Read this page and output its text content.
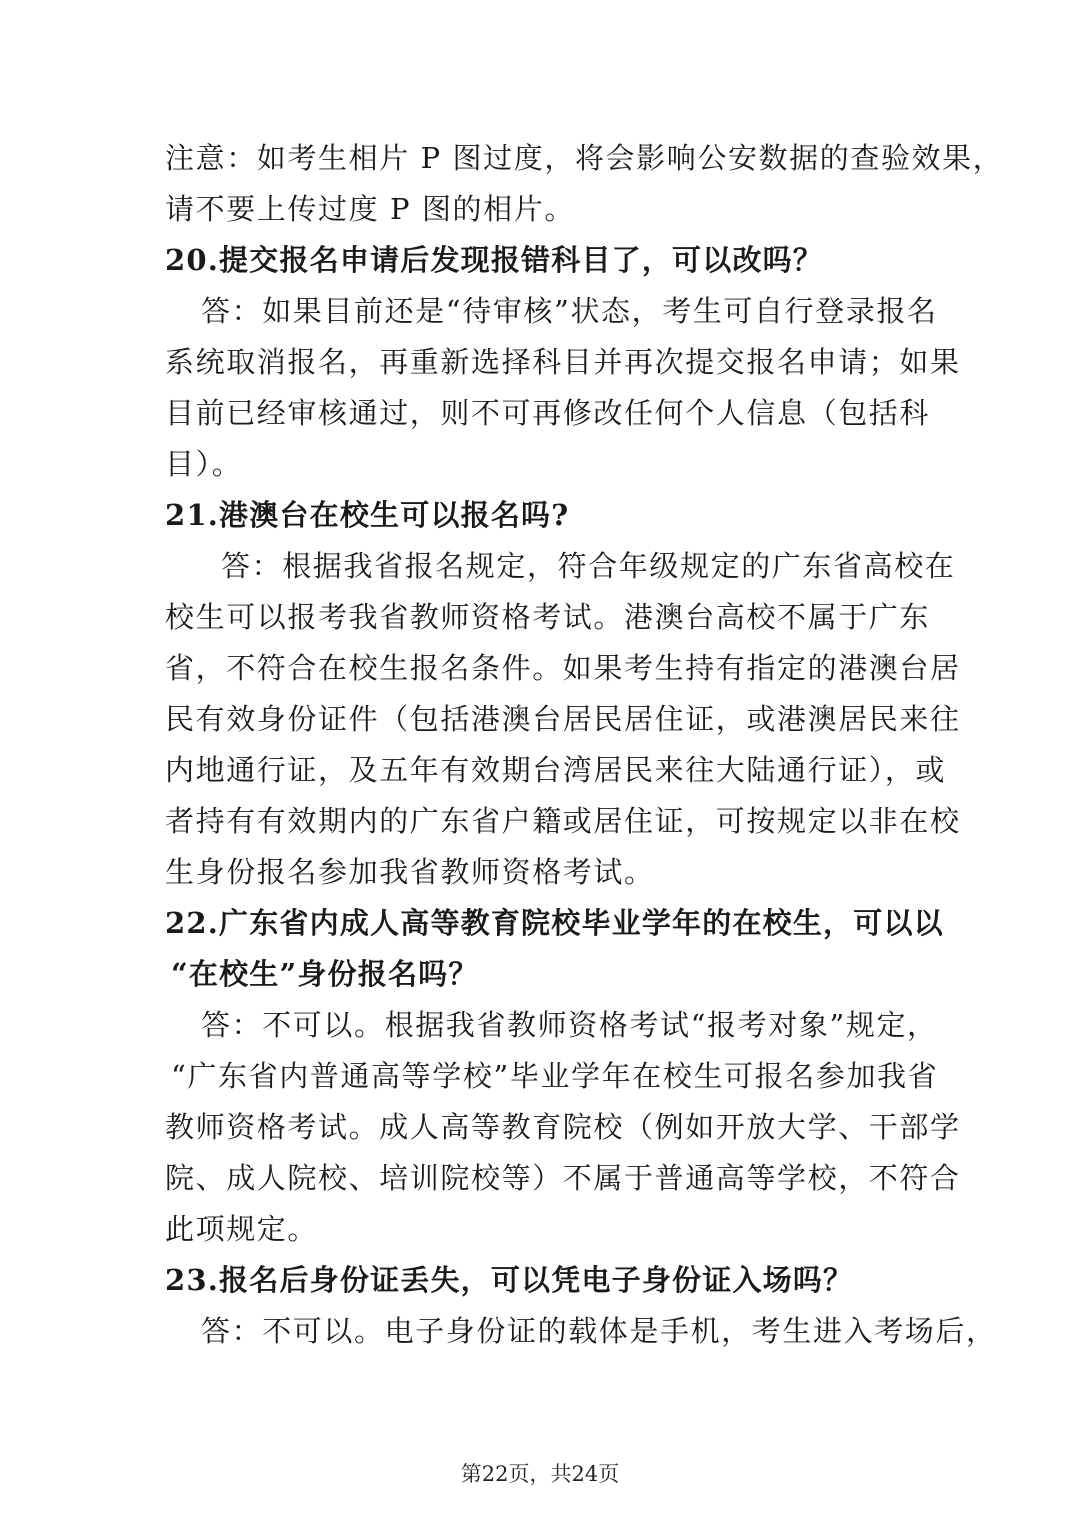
注意：如考生相片 P 图过度，将会影响公安数据的查验效果，
请不要上传过度 P 图的相片。
20.提交报名申请后发现报错科目了，可以改吗？
答：如果目前还是“待审核”状态，考生可自行登录报名
系统取消报名，再重新选择科目并再次提交报名申请；如果
目前已经审核通过，则不可再修改任何个人信息（包括科
目）。
21.港澳台在校生可以报名吗?
答：根据我省报名规定，符合年级规定的广东省高校在
校生可以报考我省教师资格考试。港澳台高校不属于广东
省，不符合在校生报名条件。如果考生持有指定的港澳台居
民有效身份证件（包括港澳台居民居住证，或港澳居民来往
内地通行证，及五年有效期台湾居民来往大陆通行证），或
者持有有效期内的广东省户籍或居住证，可按规定以非在校
生身份报名参加我省教师资格考试。
22.广东省内成人高等教育院校毕业学年的在校生，可以以
“在校生”身份报名吗？
答：不可以。根据我省教师资格考试“报考对象”规定，
“广东省内普通高等学校”毕业学年在校生可报名参加我省
教师资格考试。成人高等教育院校（例如开放大学、干部学
院、成人院校、培训院校等）不属于普通高等学校，不符合
此项规定。
23.报名后身份证丢失，可以凭电子身份证入场吗？
答：不可以。电子身份证的载体是手机，考生进入考场后，
第22页，共24页
